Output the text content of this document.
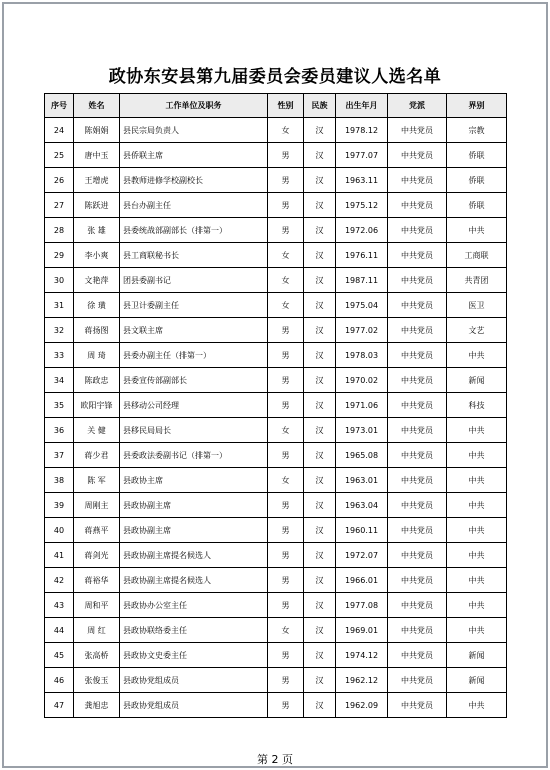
政协东安县第九届委员会委员建议人选名单
序号	姓名	工作单位及职务	性别	民族	出生年月	党派	界别
24	陈娟娟	县民宗局负责人	女	汉	1978.12	中共党员	宗教
25	唐中玉	县侨联主席	男	汉	1977.07	中共党员	侨联
26	王增虎	县教师进修学校副校长	男	汉	1963.11	中共党员	侨联
27	陈跃进	县台办副主任	男	汉	1975.12	中共党员	侨联
28	张 雄	县委统战部副部长（排第一）	男	汉	1972.06	中共党员	中共
29	李小爽	县工商联秘书长	女	汉	1976.11	中共党员	工商联
30	文艳萍	团县委副书记	女	汉	1987.11	中共党员	共青团
31	徐 璜	县卫计委副主任	女	汉	1975.04	中共党员	医卫
32	蒋扬图	县文联主席	男	汉	1977.02	中共党员	文艺
33	周 琦	县委办副主任（排第一）	男	汉	1978.03	中共党员	中共
34	陈政忠	县委宣传部副部长	男	汉	1970.02	中共党员	新闻
35	欧阳宇锋	县移动公司经理	男	汉	1971.06	中共党员	科技
36	关 健	县移民局局长	女	汉	1973.01	中共党员	中共
37	蒋少君	县委政法委副书记（排第一）	男	汉	1965.08	中共党员	中共
38	陈 军	县政协主席	女	汉	1963.01	中共党员	中共
39	周刚主	县政协副主席	男	汉	1963.04	中共党员	中共
40	蒋燕平	县政协副主席	男	汉	1960.11	中共党员	中共
41	蒋剑光	县政协副主席提名候选人	男	汉	1972.07	中共党员	中共
42	蒋裕华	县政协副主席提名候选人	男	汉	1966.01	中共党员	中共
43	周和平	县政协办公室主任	男	汉	1977.08	中共党员	中共
44	周 红	县政协联络委主任	女	汉	1969.01	中共党员	中共
45	张高桥	县政协文史委主任	男	汉	1974.12	中共党员	新闻
46	张俊玉	县政协党组成员	男	汉	1962.12	中共党员	新闻
47	龚旭忠	县政协党组成员	男	汉	1962.09	中共党员	中共
第 2 页
